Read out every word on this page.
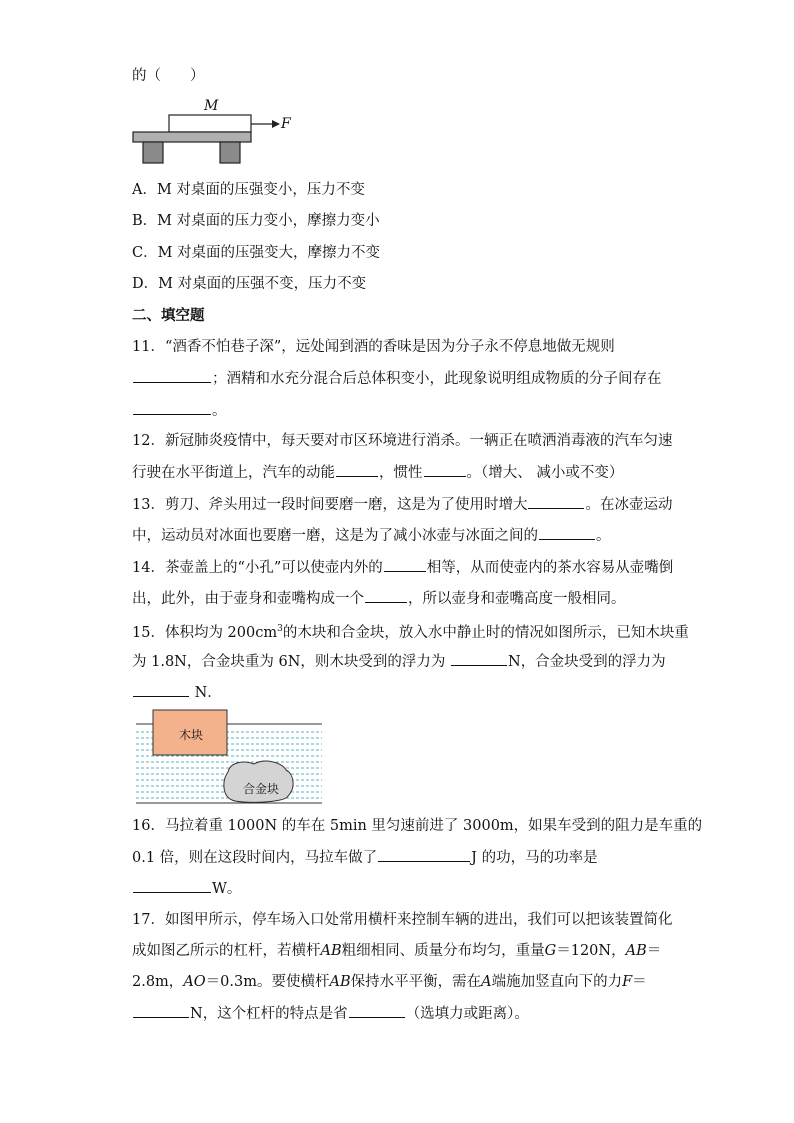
的（　　）
M
F
A．M 对桌面的压强变小，压力不变
B．M 对桌面的压力变小，摩擦力变小
C．M 对桌面的压强变大，摩擦力不变
D．M 对桌面的压强不变，压力不变
二、填空题
11．“酒香不怕巷子深”，远处闻到酒的香味是因为分子永不停息地做无规则
；酒精和水充分混合后总体积变小，此现象说明组成物质的分子间存在
。
12．新冠肺炎疫情中，每天要对市区环境进行消杀。一辆正在喷洒消毒液的汽车匀速
行驶在水平街道上，汽车的动能	，惯性	。（增大、 减小或不变）
13．剪刀、斧头用过一段时间要磨一磨，这是为了使用时增大	。在冰壶运动
中，运动员对冰面也要磨一磨，这是为了减小冰壶与冰面之间的	。
14．茶壶盖上的“小孔”可以使壶内外的	相等，从而使壶内的茶水容易从壶嘴倒
出，此外，由于壶身和壶嘴构成一个	，所以壶身和壶嘴高度一般相同。
15．体积均为 $200cm^3$的木块和合金块，放入水中静止时的情况如图所示，已知木块重
为 1.8N，合金块重为 6N，则木块受到的浮力为	N，合金块受到的浮力为
N．
木块
合金块
16．马拉着重 1000N 的车在 5min 里匀速前进了 3000m，如果车受到的阻力是车重的
0.1 倍，则在这段时间内，马拉车做了	J 的功，马的功率是
W。
17．如图甲所示，停车场入口处常用横杆来控制车辆的进出，我们可以把该装置简化
成如图乙所示的杠杆，若横杆AB粗细相同、质量分布均匀，重量G＝120N，AB＝
2.8m，AO＝0.3m。要使横杆AB保持水平平衡，需在A端施加竖直向下的力F＝
N，这个杠杆的特点是省	（选填力或距离）。
